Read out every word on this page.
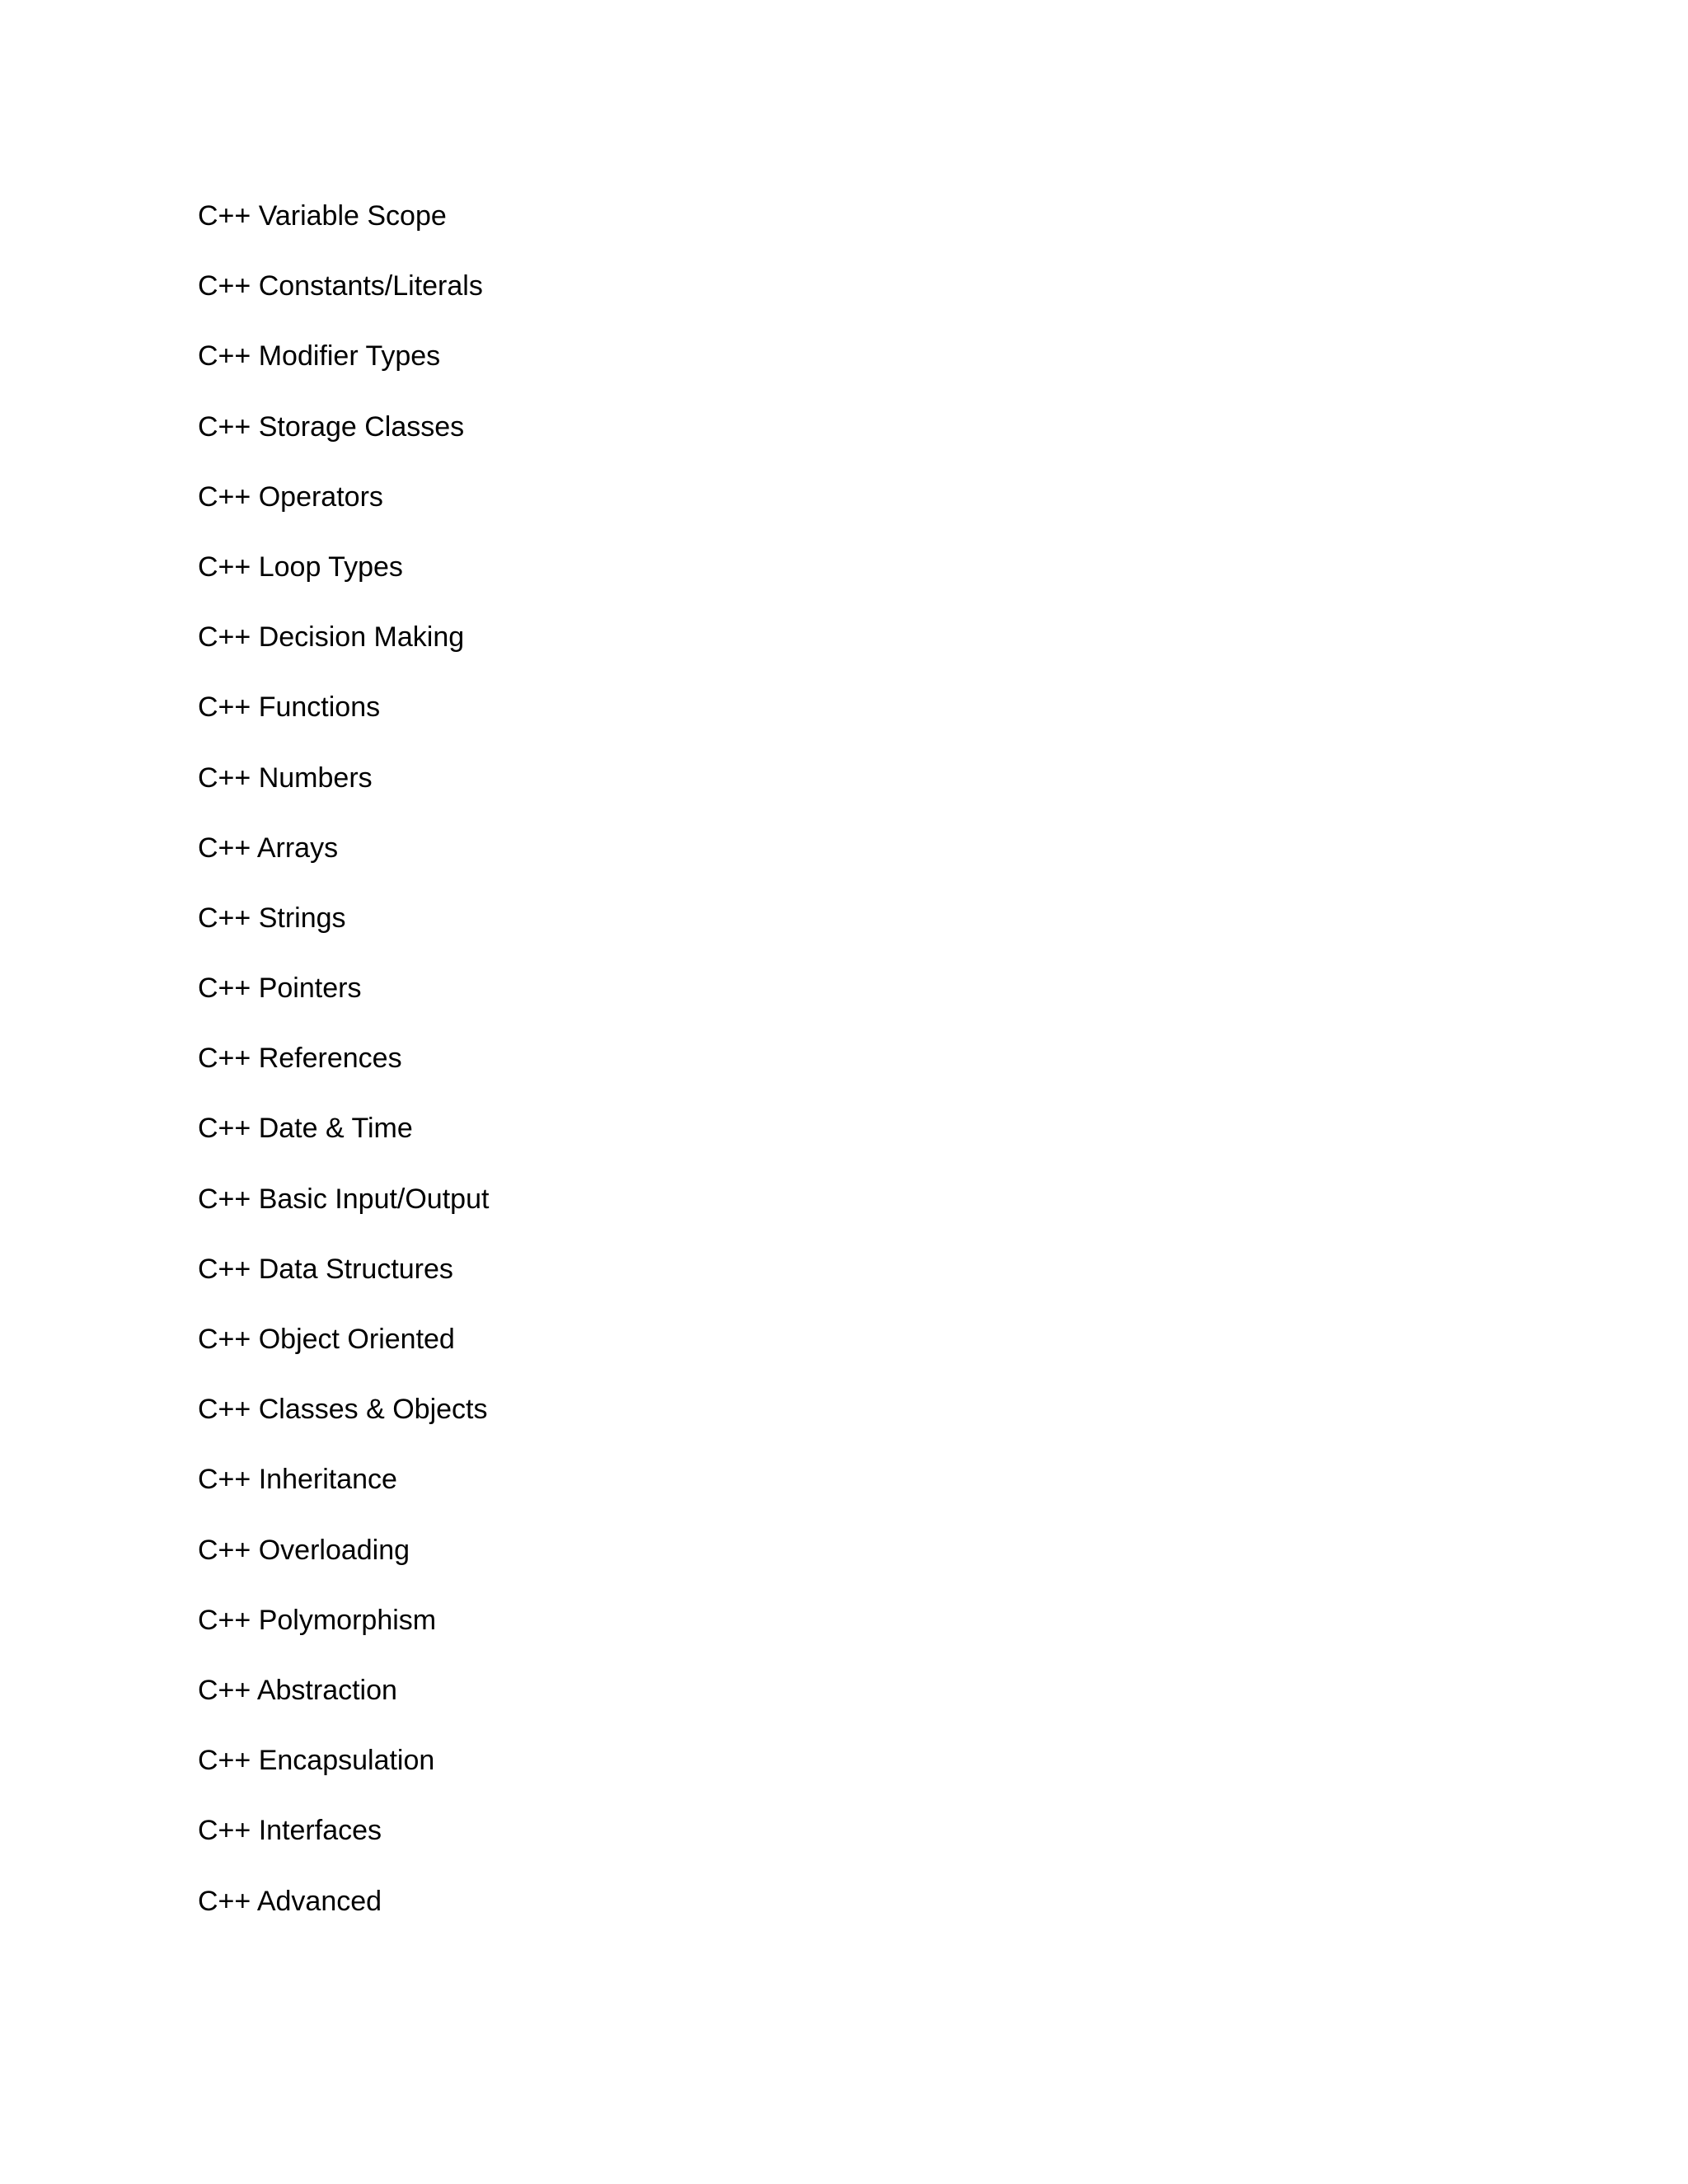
C++ Variable Scope
C++ Constants/Literals
C++ Modifier Types
C++ Storage Classes
C++ Operators
C++ Loop Types
C++ Decision Making
C++ Functions
C++ Numbers
C++ Arrays
C++ Strings
C++ Pointers
C++ References
C++ Date & Time
C++ Basic Input/Output
C++ Data Structures
C++ Object Oriented
C++ Classes & Objects
C++ Inheritance
C++ Overloading
C++ Polymorphism
C++ Abstraction
C++ Encapsulation
C++ Interfaces
C++ Advanced
